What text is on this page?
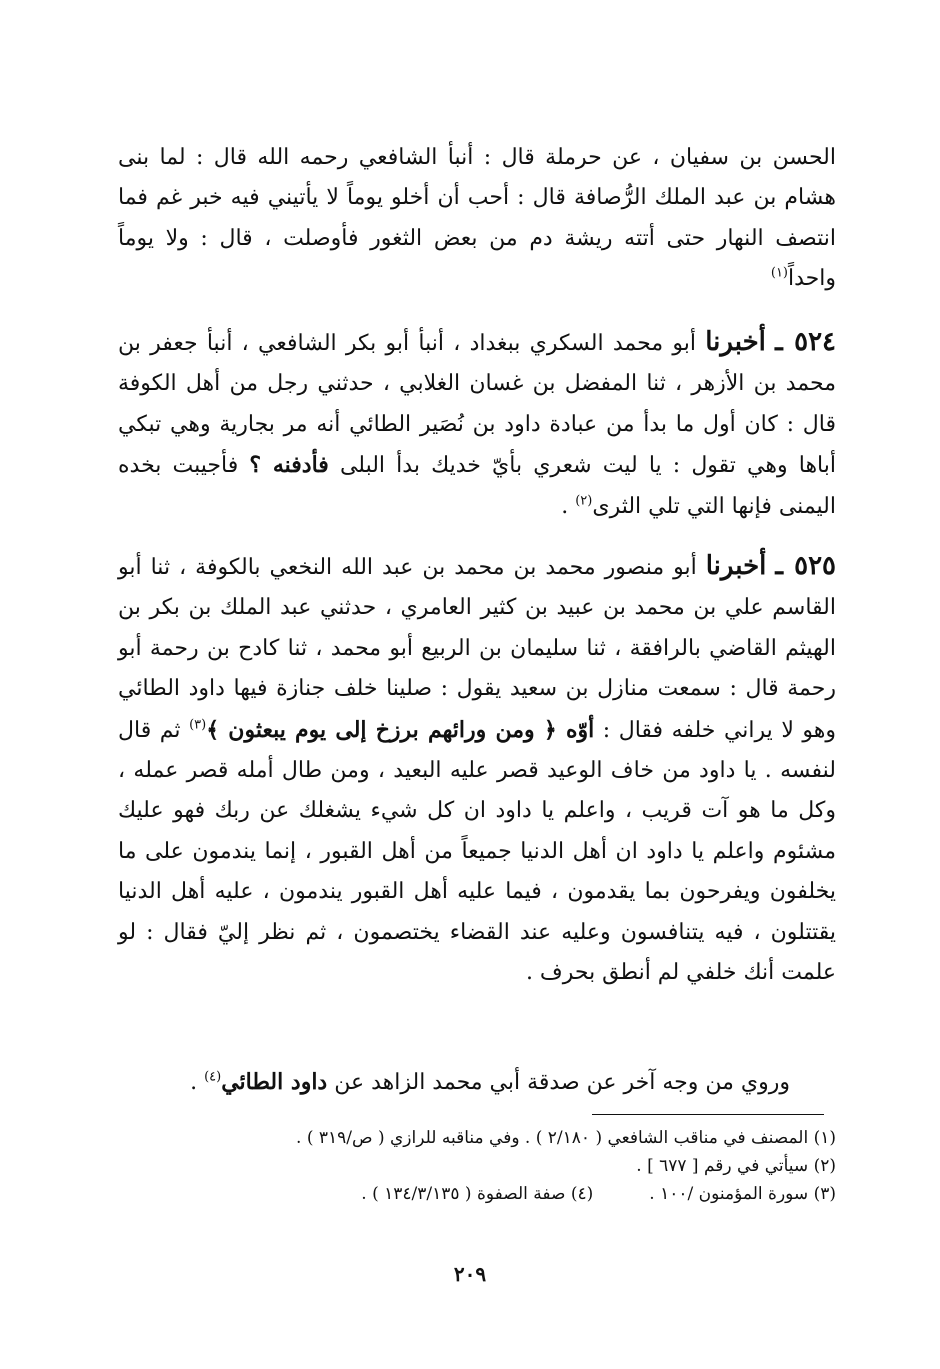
الحسن بن سفيان ، عن حرملة قال : أنبأ الشافعي رحمه الله قال : لما بنى هشام بن عبد الملك الرُّصافة قال : أحب أن أخلو يوماً لا يأتيني فيه خبر غم فما انتصف النهار حتى أتته ريشة دم من بعض الثغور فأوصلت ، قال : ولا يوماً واحداً$^{(١)}$
٥٢٤ ـ أخبرنا أبو محمد السكري ببغداد ، أنبأ أبو بكر الشافعي ، أنبأ جعفر بن محمد بن الأزهر ، ثنا المفضل بن غسان الغلابي ، حدثني رجل من أهل الكوفة قال : كان أول ما بدأ من عبادة داود بن نُصَير الطائي أنه مر بجارية وهي تبكي أباها وهي تقول : يا ليت شعري بأيّ خديك بدأ البلى فأدفنه ؟ فأجيبت بخده اليمنى فإنها التي تلي الثرى$^{(٢)}$ .
٥٢٥ ـ أخبرنا أبو منصور محمد بن محمد بن عبد الله النخعي بالكوفة ، ثنا أبو القاسم علي بن محمد بن عبيد بن كثير العامري ، حدثني عبد الملك بن بكر بن الهيثم القاضي بالرافقة ، ثنا سليمان بن الربيع أبو محمد ، ثنا كادح بن رحمة أبو رحمة قال : سمعت منازل بن سعيد يقول : صلينا خلف جنازة فيها داود الطائي وهو لا يراني خلفه فقال : أوّه ﴿ ومن ورائهم برزخ إلى يوم يبعثون ﴾$^{(٣)}$ ثم قال لنفسه . يا داود من خاف الوعيد قصر عليه البعيد ، ومن طال أمله قصر عمله ، وكل ما هو آت قريب ، واعلم يا داود ان كل شيء يشغلك عن ربك فهو عليك مشئوم واعلم يا داود ان أهل الدنيا جميعاً من أهل القبور ، إنما يندمون على ما يخلفون ويفرحون بما يقدمون ، فيما عليه أهل القبور يندمون ، عليه أهل الدنيا يقتتلون ، فيه يتنافسون وعليه عند القضاء يختصمون ، ثم نظر إليّ فقال : لو علمت أنك خلفي لم أنطق بحرف .
وروي من وجه آخر عن صدقة أبي محمد الزاهد عن داود الطائي$^{(٤)}$ .
(١) المصنف في مناقب الشافعي ( ٢/١٨٠ ) . وفي مناقبه للرازي ( ص/٣١٩ ) .
(٢) سيأتي في رقم [ ٦٧٧ ] .
(٣) سورة المؤمنون /١٠٠ .(٤) صفة الصفوة ( ١٣٤/٣/١٣٥ ) .
٢٠٩
